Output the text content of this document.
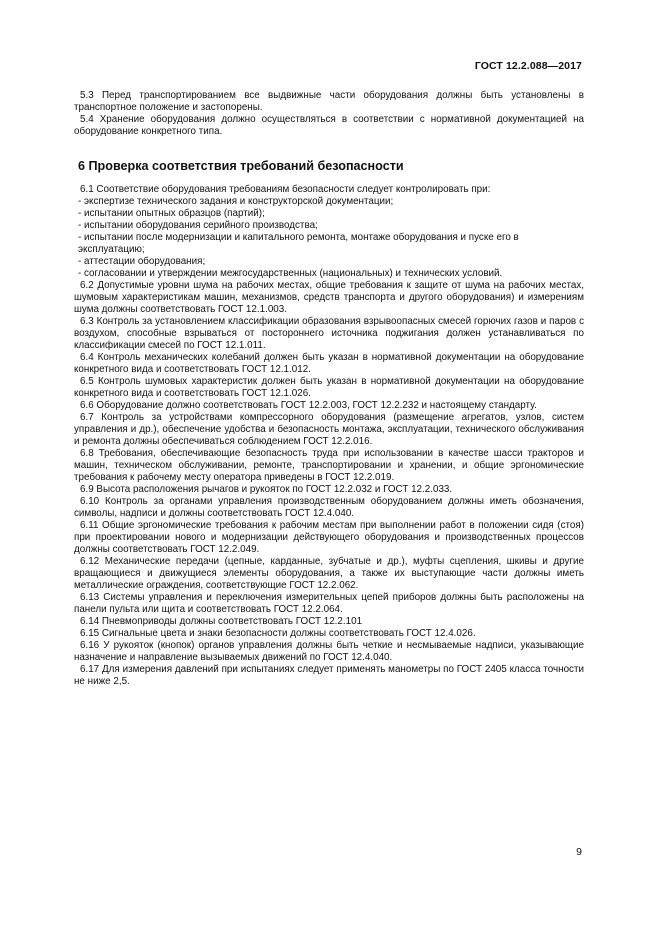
ГОСТ 12.2.088—2017

5.3 Перед транспортированием все выдвижные части оборудования должны быть установлены в транспортное положение и застопорены.

5.4 Хранение оборудования должно осуществляться в соответствии с нормативной документацией на оборудование конкретного типа.

6 Проверка соответствия требований безопасности

6.1 Соответствие оборудования требованиям безопасности следует контролировать при:

- экспертизе технического задания и конструкторской документации;

- испытании опытных образцов (партий);

- испытании оборудования серийного производства;

- испытании после модернизации и капитального ремонта, монтаже оборудования и пуске его в эксплуатацию;

- аттестации оборудования;

- согласовании и утверждении межгосударственных (национальных) и технических условий.

6.2 Допустимые уровни шума на рабочих местах, общие требования к защите от шума на рабочих местах, шумовым характеристикам машин, механизмов, средств транспорта и другого оборудования) и измерениям шума должны соответствовать ГОСТ 12.1.003.

6.3 Контроль за установлением классификации образования взрывоопасных смесей горючих газов и паров с воздухом, способные взрываться от постороннего источника поджигания должен устанавливаться по классификации смесей по ГОСТ 12.1.011.

6.4 Контроль механических колебаний должен быть указан в нормативной документации на оборудование конкретного вида и соответствовать ГОСТ 12.1.012.

6.5 Контроль шумовых характеристик должен быть указан в нормативной документации на оборудование конкретного вида и соответствовать ГОСТ 12.1.026.

6.6 Оборудование должно соответствовать ГОСТ 12.2.003, ГОСТ 12.2.232 и настоящему стандарту.

6.7 Контроль за устройствами компрессорного оборудования (размещение агрегатов, узлов, систем управления и др.), обеспечение удобства и безопасность монтажа, эксплуатации, технического обслуживания и ремонта должны обеспечиваться соблюдением ГОСТ 12.2.016.

6.8 Требования, обеспечивающие безопасность труда при использовании в качестве шасси тракторов и машин, техническом обслуживании, ремонте, транспортировании и хранении, и общие эргономические требования к рабочему месту оператора приведены в ГОСТ 12.2.019.

6.9 Высота расположения рычагов и рукояток по ГОСТ 12.2.032 и ГОСТ 12.2.033.

6.10 Контроль за органами управления производственным оборудованием должны иметь обозначения, символы, надписи и должны соответствовать ГОСТ 12.4.040.

6.11 Общие эргономические требования к рабочим местам при выполнении работ в положении сидя (стоя) при проектировании нового и модернизации действующего оборудования и производственных процессов должны соответствовать ГОСТ 12.2.049.

6.12 Механические передачи (цепные, карданные, зубчатые и др.), муфты сцепления, шкивы и другие вращающиеся и движущиеся элементы оборудования, а также их выступающие части должны иметь металлические ограждения, соответствующие ГОСТ 12.2.062.

6.13 Системы управления и переключения измерительных цепей приборов должны быть расположены на панели пульта или щита и соответствовать ГОСТ 12.2.064.

6.14 Пневмоприводы должны соответствовать ГОСТ 12.2.101

6.15 Сигнальные цвета и знаки безопасности должны соответствовать ГОСТ 12.4.026.

6.16 У рукояток (кнопок) органов управления должны быть четкие и несмываемые надписи, указывающие назначение и направление вызываемых движений по ГОСТ 12.4.040.

6.17 Для измерения давлений при испытаниях следует применять манометры по ГОСТ 2405 класса точности не ниже 2,5.

9
